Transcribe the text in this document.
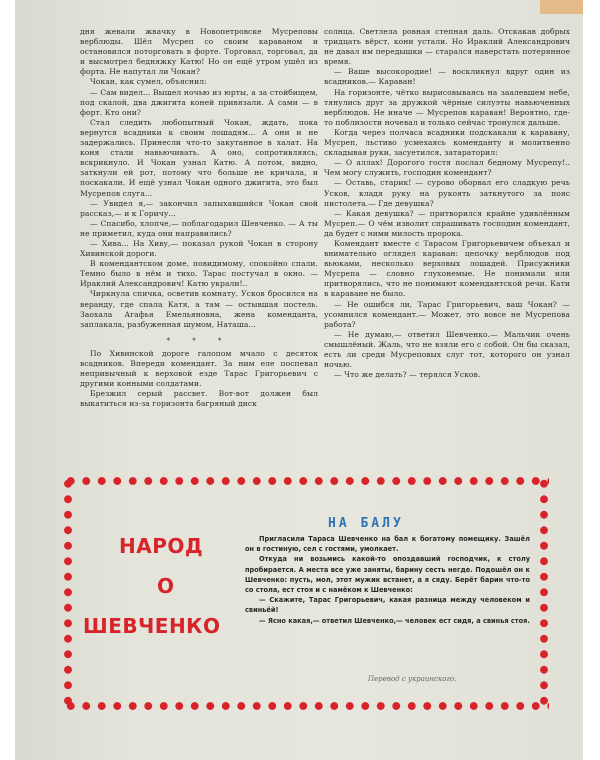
дня жевали жвачку в Новопетровске Мусреповы верблюды. Шёл Мусреп со своим караваном и остановился поторговать в форте. Торговал, торговал, да и высмотрел бедняжку Катю! Но он ещё утром ушёл из форта. Не напутал ли Чокан?

Чокан, как сумел, объяснил:

— Сам видел... Вышел ночью из юрты, а за стойбищем, под скалой, два джигита коней привязали. А сами — в форт. Кто они?

Стал следить любопытный Чокан, ждать, пока вернутся всадники к своим лошадям... А они и не задержались. Принесли что-то закутанное в халат. На коня стали навьючивать. А оно, сопротивляясь, вскрикнуло. И Чокан узнал Катю. А потом, видно, заткнули ей рот, потому что больше не кричала, и поскакали. И ещё узнал Чокан одного джигита, это был Мусрепов слуга...

— Увидел я,— закончил запыхавшийся Чокан свой рассказ,— и к Горичу...

— Спасибо, хлопче,— поблагодарил Шевченко. — А ты не приметил, куда они направились?

— Хива... На Хиву,— показал рукой Чокан в сторону Хивинской дороги.

В комендантском доме, повидимому, спокойно спали. Темно было в нём и тихо. Тарас постучал в окно. — Ираклий Александрович! Катю украли!..

Чиркнула спичка, осветив комнату. Усков бросился на веранду, где спала Катя, а там — остывшая постель. Заохала Агафья Емельяновна, жена коменданта, заплакала, разбуженная шумом, Наташа...

* * *

По Хивинской дороге галопом мчало с десяток всадников. Впереди комендант. За ним еле поспевал непривычный к верховой езде Тарас Григорьевич с другими конными солдатами.

Брезжил серый рассвет. Вот-вот должен был выкатиться из-за горизонта багряный диск

солнца. Светлела ровная степная даль. Отскакав добрых тридцать вёрст, кони устали. Но Ираклий Александрович не давал им передышки — старался наверстать потерянное время.

— Ваше высокородие! — воскликнул вдруг один из всадников.— Караван!

На горизонте, чётко вырисовываясь на заалевшем небе, тянулись друг за дружкой чёрные силуэты навьюченных верблюдов. Не иначе — Мусрепов караван! Вероятно, где-то поблизости ночевал и только сейчас тронулся дальше.

Когда через полчаса всадники подскакали к каравану, Мусреп, льстиво усмехаясь коменданту и молитвенно складывая руки, засуетился, затараторил:

— О аллах! Дорогого гостя послал бедному Мусрепу!.. Чем могу служить, господин комендант?

— Оставь, старик! — сурово оборвал его сладкую речь Усков, кладя руку на рукоять заткнутого за пояс пистолета.— Где девушка?

— Какая девушка? — притворился крайне удивлённым Мусреп.— О чём изволит спрашивать господин комендант, да будет с ними милость пророка.

Комендант вместе с Тарасом Григорьевичем объехал и внимательно оглядел караван: цепочку верблюдов под вьюками, несколько верховых лошадей. Присужники Мусрепа — словно глухонемые. Не понимали или притворялись, что не понимают комендантской речи. Кати в караване не было.

— Не ошибся ли, Тарас Григорьевич, ваш Чокан? — усомнился комендант.— Может, это вовсе не Мусрепова работа?

— Не думаю,— ответил Шевченко.— Мальчик очень смышлёный. Жаль, что не взяли его с собой. Он бы сказал, есть ли среди Мусреповых слуг тот, которого он узнал ночью.

— Что же делать? — терялся Усков.

НАРОД
О
ШЕВЧЕНКО
НА БАЛУ

Пригласили Тараса Шевченко на бал к богатому помещику. Зашёл он в гостиную, сел с гостями, умолкает.

Откуда ни возьмись какой-то опоздавший господчик, к столу пробирается. А места все уже заняты, барину сесть негде. Подошёл он к Шевченко: пусть, мол, этот мужик встанет, а я сяду. Берёт барин что-то со стола, ест стоя и с намёком к Шевченко:

— Скажите, Тарас Григорьевич, какая разница между человеком и свиньёй!

— Ясно какая,— ответил Шевченко,— человек ест сидя, а свинья стоя.

Перевод с украинского.
